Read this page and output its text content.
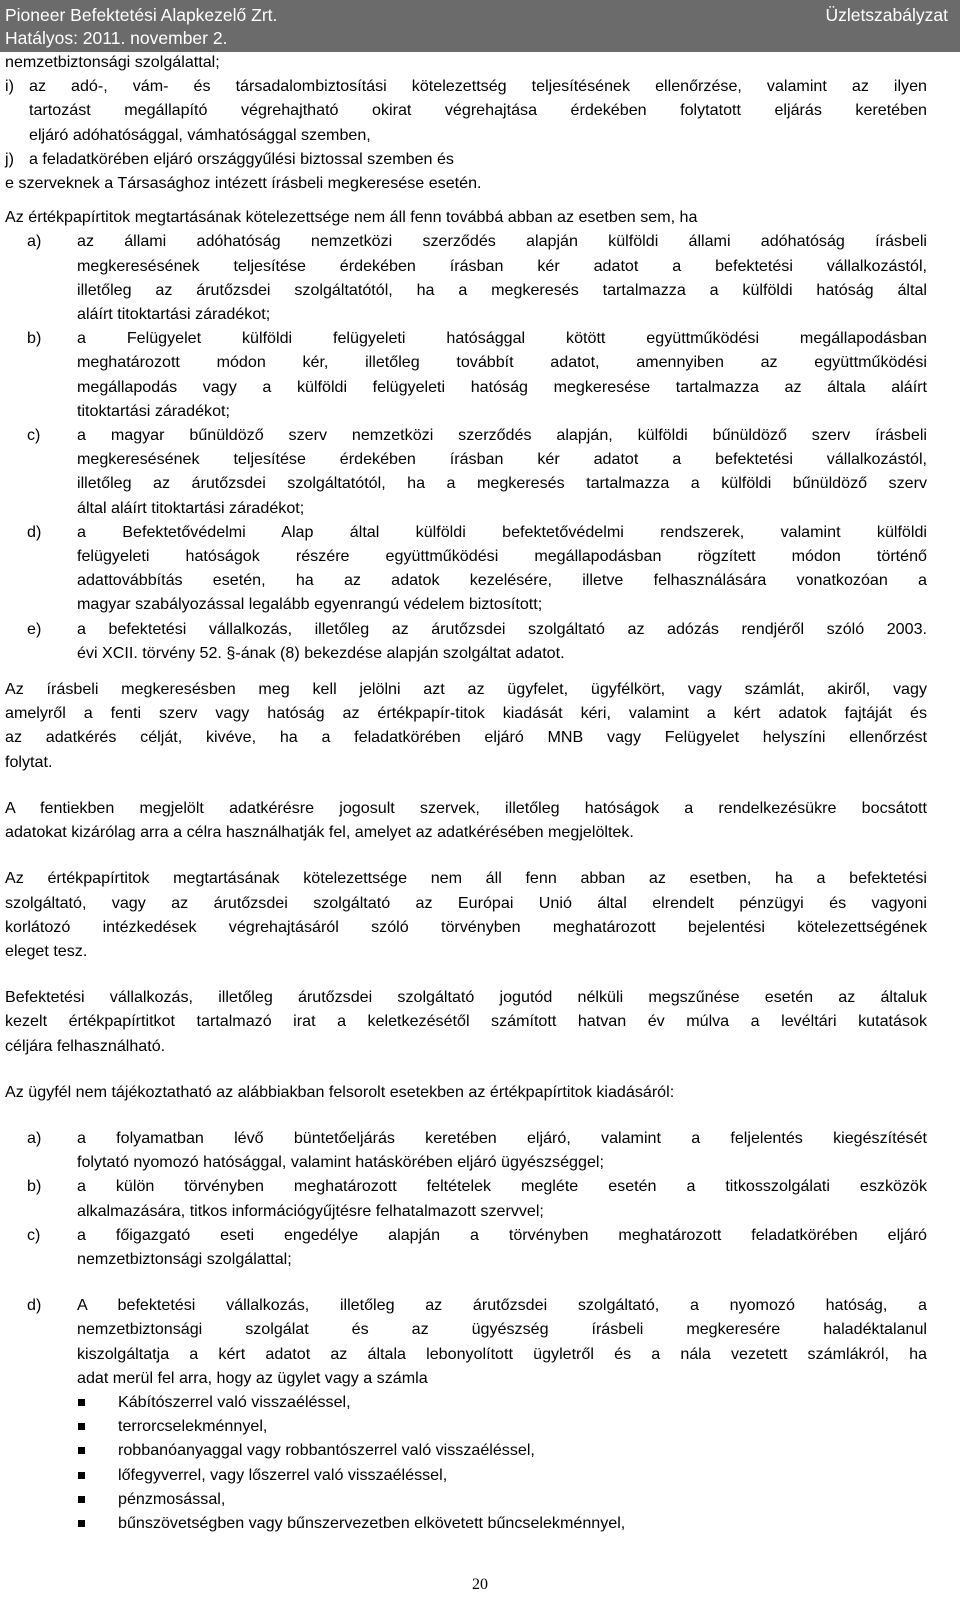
Pioneer Befektetési Alapkezelő Zrt.
Hatályos: 2011. november 2.
Üzletszabályzat
nemzetbiztonsági szolgálattal;
i) az adó-, vám- és társadalombiztosítási kötelezettség teljesítésének ellenőrzése, valamint az ilyen
tartozást megállapító végrehajtható okirat végrehajtása érdekében folytatott eljárás keretében
eljáró adóhatósággal, vámhatósággal szemben,
j) a feladatkörében eljáró országgyűlési biztossal szemben és
e szerveknek a Társasághoz intézett írásbeli megkeresése esetén.
Az értékpapírtitok megtartásának kötelezettsége nem áll fenn továbbá abban az esetben sem, ha
a) az állami adóhatóság nemzetközi szerződés alapján külföldi állami adóhatóság írásbeli
megkeresésének teljesítése érdekében írásban kér adatot a befektetési vállalkozástól,
illetőleg az árutőzsdei szolgáltatótól, ha a megkeresés tartalmazza a külföldi hatóság által
aláírt titoktartási záradékot;
b) a Felügyelet külföldi felügyeleti hatósággal kötött együttműködési megállapodásban
meghatározott módon kér, illetőleg továbbít adatot, amennyiben az együttműködési
megállapodás vagy a külföldi felügyeleti hatóság megkeresése tartalmazza az általa aláírt
titoktartási záradékot;
c) a magyar bűnüldöző szerv nemzetközi szerződés alapján, külföldi bűnüldöző szerv írásbeli
megkeresésének teljesítése érdekében írásban kér adatot a befektetési vállalkozástól,
illetőleg az árutőzsdei szolgáltatótól, ha a megkeresés tartalmazza a külföldi bűnüldöző szerv
által aláírt titoktartási záradékot;
d) a Befektetővédelmi Alap által külföldi befektetővédelmi rendszerek, valamint külföldi
felügyeleti hatóságok részére együttműködési megállapodásban rögzített módon történő
adattovábbítás esetén, ha az adatok kezelésére, illetve felhasználására vonatkozóan a
magyar szabályozással legalább egyenrangú védelem biztosított;
e) a befektetési vállalkozás, illetőleg az árutőzsdei szolgáltató az adózás rendjéről szóló 2003.
évi XCII. törvény 52. §-ának (8) bekezdése alapján szolgáltat adatot.
Az írásbeli megkeresésben meg kell jelölni azt az ügyfelet, ügyfélkört, vagy számlát, akiről, vagy
amelyről a fenti szerv vagy hatóság az értékpapír-titok kiadását kéri, valamint a kért adatok fajtáját és
az adatkérés célját, kivéve, ha a feladatkörében eljáró MNB vagy Felügyelet helyszíni ellenőrzést
folytat.
A fentiekben megjelölt adatkérésre jogosult szervek, illetőleg hatóságok a rendelkezésükre bocsátott
adatokat kizárólag arra a célra használhatják fel, amelyet az adatkérésében megjelöltek.
Az értékpapírtitok megtartásának kötelezettsége nem áll fenn abban az esetben, ha a befektetési
szolgáltató, vagy az árutőzsdei szolgáltató az Európai Unió által elrendelt pénzügyi és vagyoni
korlátozó intézkedések végrehajtásáról szóló törvényben meghatározott bejelentési kötelezettségének
eleget tesz.
Befektetési vállalkozás, illetőleg árutőzsdei szolgáltató jogutód nélküli megszűnése esetén az általuk
kezelt értékpapírtitkot tartalmazó irat a keletkezésétől számított hatvan év múlva a levéltári kutatások
céljára felhasználható.
Az ügyfél nem tájékoztatható az alábbiakban felsorolt esetekben az értékpapírtitok kiadásáról:
a) a folyamatban lévő büntetőeljárás keretében eljáró, valamint a feljelentés kiegészítését
folytató nyomozó hatósággal, valamint hatáskörében eljáró ügyészséggel;
b) a külön törvényben meghatározott feltételek megléte esetén a titkosszolgálati eszközök
alkalmazására, titkos információgyűjtésre felhatalmazott szervvel;
c) a főigazgató eseti engedélye alapján a törvényben meghatározott feladatkörében eljáró
nemzetbiztonsági szolgálattal;
d) A befektetési vállalkozás, illetőleg az árutőzsdei szolgáltató, a nyomozó hatóság, a
nemzetbiztonsági szolgálat és az ügyészség írásbeli megkeresére haladéktalanul
kiszolgáltatja a kért adatot az általa lebonyolított ügyletről és a nála vezetett számlákról, ha
adat merül fel arra, hogy az ügylet vagy a számla
Kábítószerrel való visszaéléssel,
terrorcselekménnyel,
robbanóanyaggal vagy robbantószerrel való visszaéléssel,
lőfegyverrel, vagy lőszerrel való visszaéléssel,
pénzmosással,
bűnszövetségben vagy bűnszervezetben elkövetett bűncselekménnyel,
20
